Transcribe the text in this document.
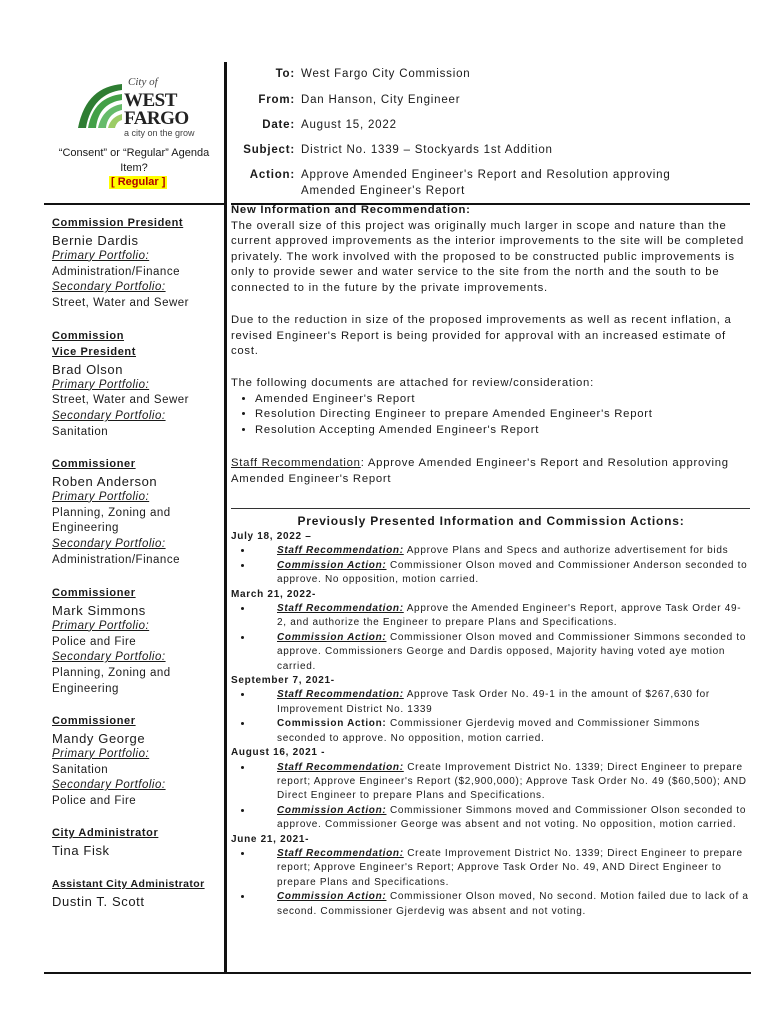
City of
WEST
FARGO
a city on the grow
“Consent” or “Regular” Agenda Item?
[ Regular ]
Commission President
Bernie Dardis
Primary Portfolio:
Administration/Finance
Secondary Portfolio:
Street, Water and Sewer
Commission Vice President
Brad Olson
Primary Portfolio:
Street, Water and Sewer
Secondary Portfolio:
Sanitation
Commissioner
Roben Anderson
Primary Portfolio:
Planning, Zoning and Engineering
Secondary Portfolio:
Administration/Finance
Commissioner
Mark Simmons
Primary Portfolio:
Police and Fire
Secondary Portfolio:
Planning, Zoning and Engineering
Commissioner
Mandy George
Primary Portfolio:
Sanitation
Secondary Portfolio:
Police and Fire
City Administrator
Tina Fisk
Assistant City Administrator
Dustin T. Scott
To: West Fargo City Commission
From: Dan Hanson, City Engineer
Date: August 15, 2022
Subject: District No. 1339 – Stockyards 1st Addition
Action: Approve Amended Engineer's Report and Resolution approving Amended Engineer's Report
New Information and Recommendation:
The overall size of this project was originally much larger in scope and nature than the current approved improvements as the interior improvements to the site will be completed privately. The work involved with the proposed to be constructed public improvements is only to provide sewer and water service to the site from the north and the south to be connected to in the future by the private improvements.
Due to the reduction in size of the proposed improvements as well as recent inflation, a revised Engineer's Report is being provided for approval with an increased estimate of cost.
The following documents are attached for review/consideration:
• Amended Engineer's Report
• Resolution Directing Engineer to prepare Amended Engineer's Report
• Resolution Accepting Amended Engineer's Report
Staff Recommendation: Approve Amended Engineer's Report and Resolution approving Amended Engineer's Report
Previously Presented Information and Commission Actions:
July 18, 2022 –
• Staff Recommendation: Approve Plans and Specs and authorize advertisement for bids
• Commission Action: Commissioner Olson moved and Commissioner Anderson seconded to approve. No opposition, motion carried.
March 21, 2022-
• Staff Recommendation: Approve the Amended Engineer's Report, approve Task Order 49-2, and authorize the Engineer to prepare Plans and Specifications.
• Commission Action: Commissioner Olson moved and Commissioner Simmons seconded to approve. Commissioners George and Dardis opposed, Majority having voted aye motion carried.
September 7, 2021-
• Staff Recommendation: Approve Task Order No. 49-1 in the amount of $267,630 for Improvement District No. 1339
• Commission Action: Commissioner Gjerdevig moved and Commissioner Simmons seconded to approve. No opposition, motion carried.
August 16, 2021 -
• Staff Recommendation: Create Improvement District No. 1339; Direct Engineer to prepare report; Approve Engineer's Report ($2,900,000); Approve Task Order No. 49 ($60,500); AND Direct Engineer to prepare Plans and Specifications.
• Commission Action: Commissioner Simmons moved and Commissioner Olson seconded to approve. Commissioner George was absent and not voting. No opposition, motion carried.
June 21, 2021-
• Staff Recommendation: Create Improvement District No. 1339; Direct Engineer to prepare report; Approve Engineer's Report; Approve Task Order No. 49, AND Direct Engineer to prepare Plans and Specifications.
• Commission Action: Commissioner Olson moved, No second. Motion failed due to lack of a second. Commissioner Gjerdevig was absent and not voting.
